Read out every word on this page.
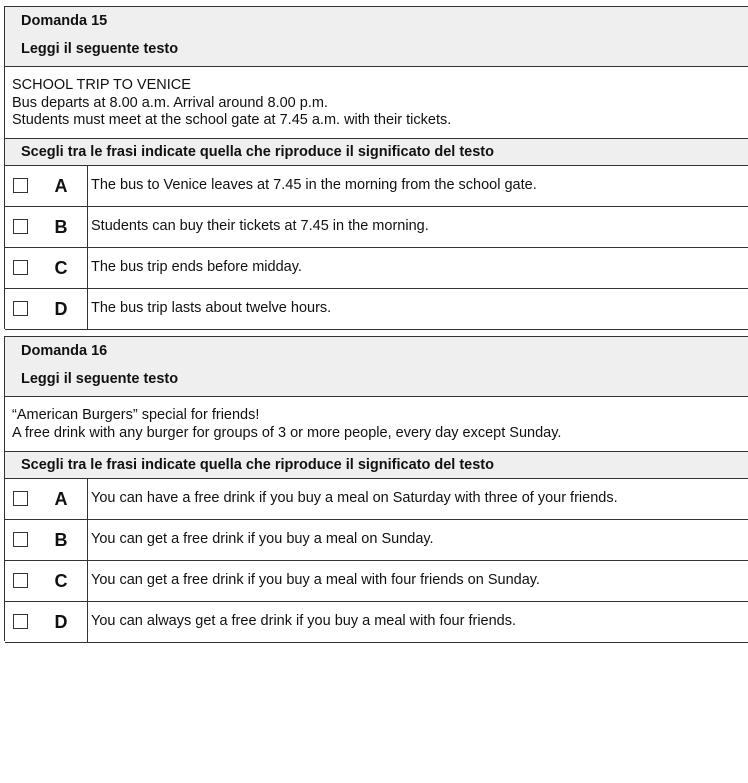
Domanda 15
Leggi il seguente testo
SCHOOL TRIP TO VENICE
Bus departs at 8.00 a.m. Arrival around 8.00 p.m.
Students must meet at the school gate at 7.45 a.m. with their tickets.
Scegli tra le frasi indicate quella che riproduce il significato del testo
A The bus to Venice leaves at 7.45 in the morning from the school gate.
B Students can buy their tickets at 7.45 in the morning.
C The bus trip ends before midday.
D The bus trip lasts about twelve hours.
Domanda 16
Leggi il seguente testo
“American Burgers” special for friends!
A free drink with any burger for groups of 3 or more people, every day except Sunday.
Scegli tra le frasi indicate quella che riproduce il significato del testo
A You can have a free drink if you buy a meal on Saturday with three of your friends.
B You can get a free drink if you buy a meal on Sunday.
C You can get a free drink if you buy a meal with four friends on Sunday.
D You can always get a free drink if you buy a meal with four friends.
